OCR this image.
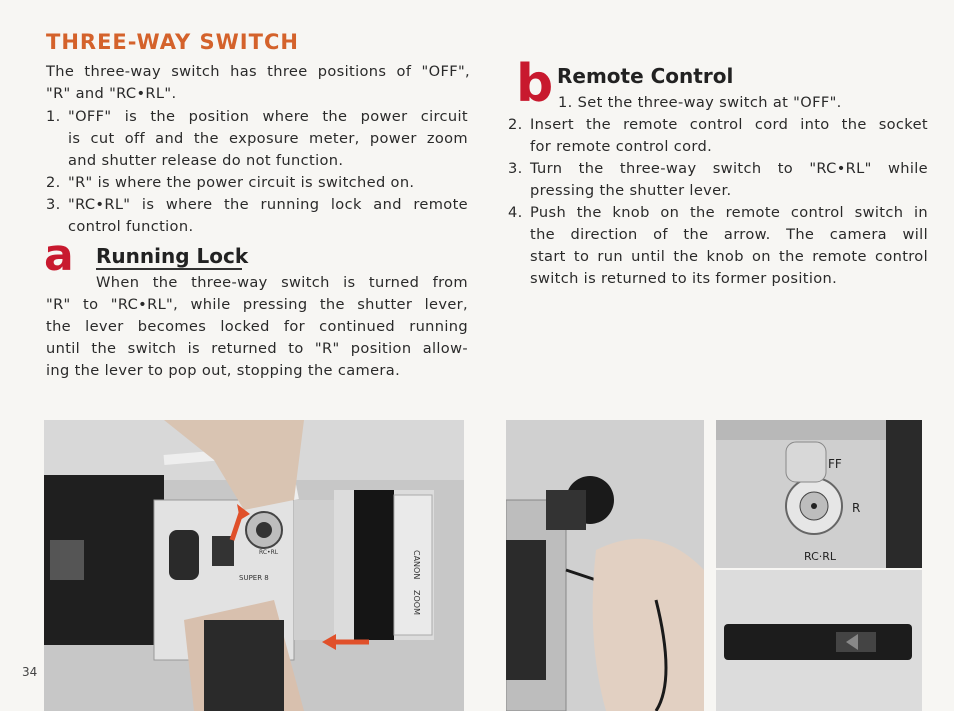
THREE-WAY SWITCH
The three-way switch has three positions of "OFF",
"R" and "RC•RL".
1. "OFF" is the position where the power circuit
is cut off and the exposure meter, power zoom
and shutter release do not function.
2. "R" is where the power circuit is switched on.
3. "RC•RL" is where the running lock and remote
control function.
a Running Lock
When the three-way switch is turned from
"R" to "RC•RL", while pressing the shutter lever,
the lever becomes locked for continued running
until the switch is returned to "R" position allow-
ing the lever to pop out, stopping the camera.
b Remote Control
1. Set the three-way switch at "OFF".
2. Insert the remote control cord into the socket
for remote control cord.
3. Turn the three-way switch to "RC•RL" while
pressing the shutter lever.
4. Push the knob on the remote control switch in
the direction of the arrow. The camera will
start to run until the knob on the remote control
switch is returned to its former position.
SUPER 8
RC•RL	CANON
ZOOM
FF
R
RC·RL
34
